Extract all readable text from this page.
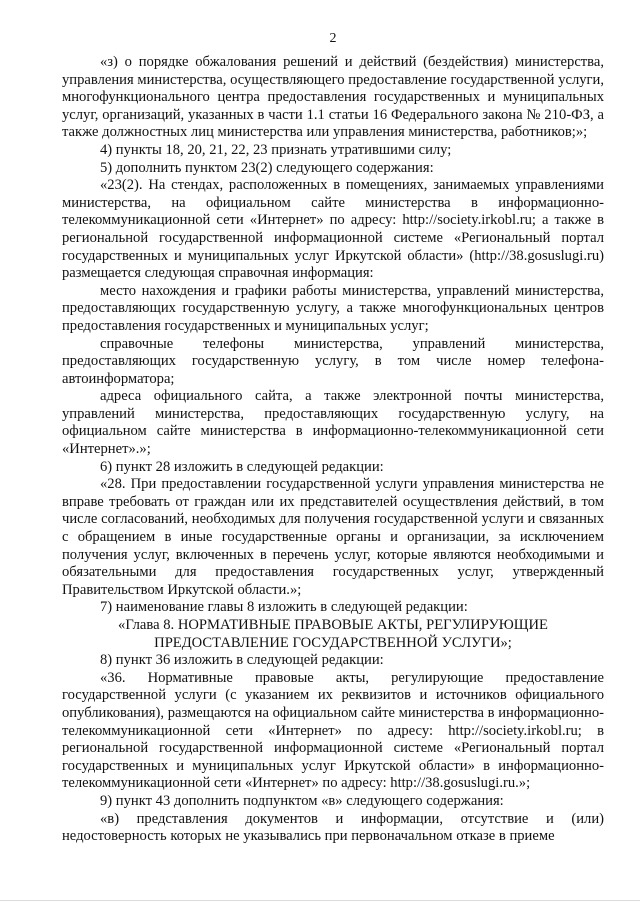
2

«з) о порядке обжалования решений и действий (бездействия) министерства, управления министерства, осуществляющего предоставление государственной услуги, многофункционального центра предоставления государственных и муниципальных услуг, организаций, указанных в части 1.1 статьи 16 Федерального закона № 210-ФЗ, а также должностных лиц министерства или управления министерства, работников;»;

4) пункты 18, 20, 21, 22, 23 признать утратившими силу;

5) дополнить пунктом 23(2) следующего содержания:

«23(2). На стендах, расположенных в помещениях, занимаемых управлениями министерства, на официальном сайте министерства в информационно-телекоммуникационной сети «Интернет» по адресу: http://society.irkobl.ru; а также в региональной государственной информационной системе «Региональный портал государственных и муниципальных услуг Иркутской области» (http://38.gosuslugi.ru) размещается следующая справочная информация:

место нахождения и графики работы министерства, управлений министерства, предоставляющих государственную услугу, а также многофункциональных центров предоставления государственных и муниципальных услуг;

справочные телефоны министерства, управлений министерства, предоставляющих государственную услугу, в том числе номер телефона-автоинформатора;

адреса официального сайта, а также электронной почты министерства, управлений министерства, предоставляющих государственную услугу, на официальном сайте министерства в информационно-телекоммуникационной сети «Интернет».»;

6) пункт 28 изложить в следующей редакции:

«28. При предоставлении государственной услуги управления министерства не вправе требовать от граждан или их представителей осуществления действий, в том числе согласований, необходимых для получения государственной услуги и связанных с обращением в иные государственные органы и организации, за исключением получения услуг, включенных в перечень услуг, которые являются необходимыми и обязательными для предоставления государственных услуг, утвержденный Правительством Иркутской области.»;

7) наименование главы 8 изложить в следующей редакции:

«Глава 8. НОРМАТИВНЫЕ ПРАВОВЫЕ АКТЫ, РЕГУЛИРУЮЩИЕ ПРЕДОСТАВЛЕНИЕ ГОСУДАРСТВЕННОЙ УСЛУГИ»;

8) пункт 36 изложить в следующей редакции:

«36. Нормативные правовые акты, регулирующие предоставление государственной услуги (с указанием их реквизитов и источников официального опубликования), размещаются на официальном сайте министерства в информационно-телекоммуникационной сети «Интернет» по адресу: http://society.irkobl.ru; в региональной государственной информационной системе «Региональный портал государственных и муниципальных услуг Иркутской области» в информационно-телекоммуникационной сети «Интернет» по адресу: http://38.gosuslugi.ru.»;

9) пункт 43 дополнить подпунктом «в» следующего содержания:

«в) представления документов и информации, отсутствие и (или) недостоверность которых не указывались при первоначальном отказе в приеме
